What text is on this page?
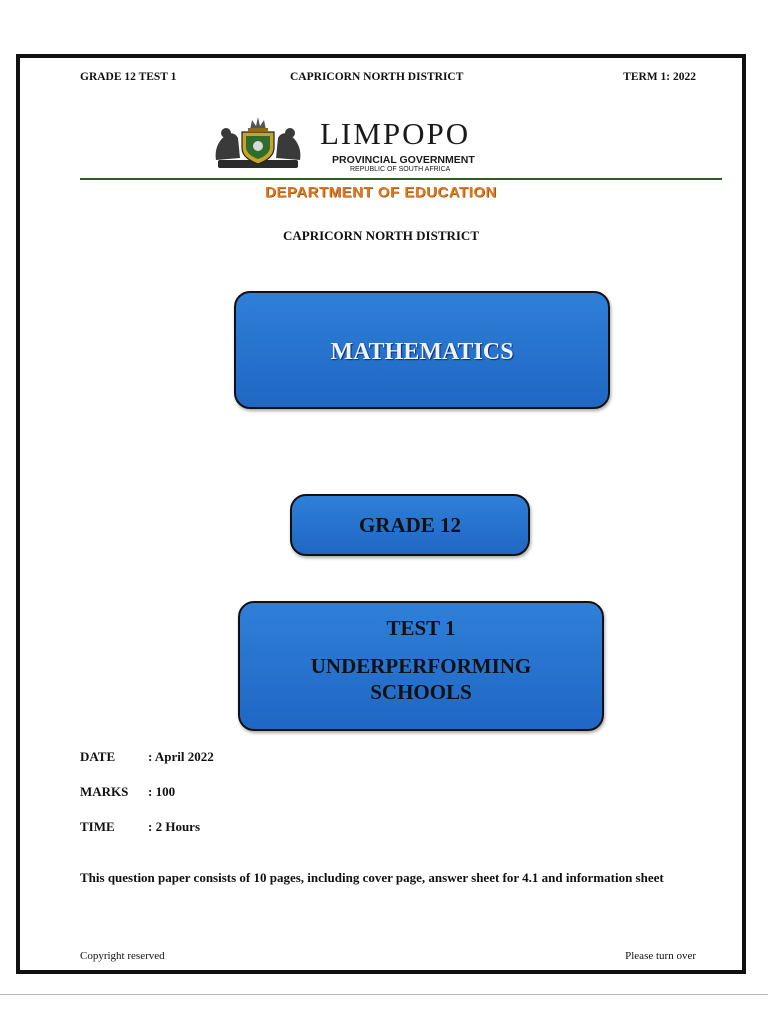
GRADE 12 TEST 1	CAPRICORN NORTH DISTRICT	TERM 1: 2022
LIMPOPO
PROVINCIAL GOVERNMENT
REPUBLIC OF SOUTH AFRICA
DEPARTMENT OF EDUCATION
CAPRICORN NORTH DISTRICT
MATHEMATICS
GRADE 12
TEST 1
UNDERPERFORMING
SCHOOLS
DATE	: April 2022
MARKS : 100
TIME	: 2 Hours
This question paper consists of 10 pages, including cover page, answer sheet for 4.1 and information sheet
Copyright reserved	Please turn over
